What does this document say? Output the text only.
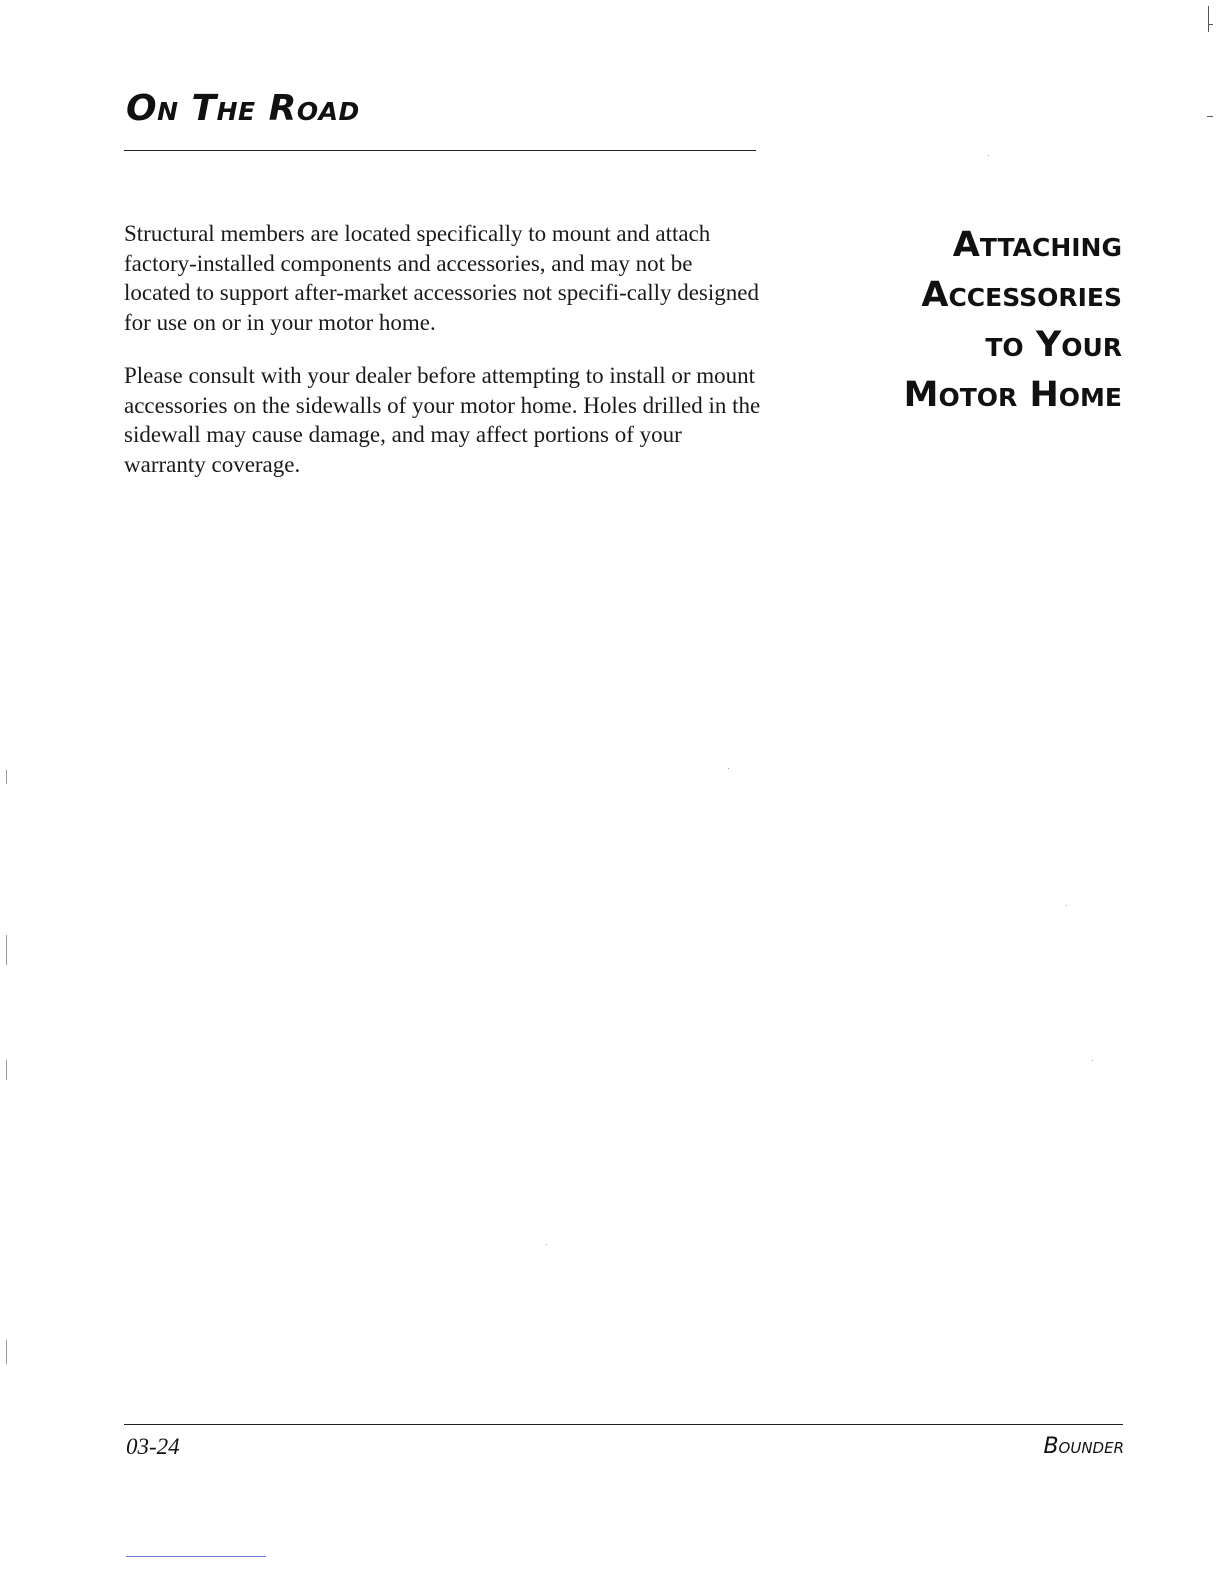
On The Road

Structural members are located specifically to mount and attach factory-installed components and accessories, and may not be located to support after-market accessories not specifi-cally designed for use on or in your motor home.

Please consult with your dealer before attempting to install or mount accessories on the sidewalls of your motor home. Holes drilled in the sidewall may cause damage, and may affect portions of your warranty coverage.

Attaching
Accessories
to Your
Motor Home
03-24	Bounder
